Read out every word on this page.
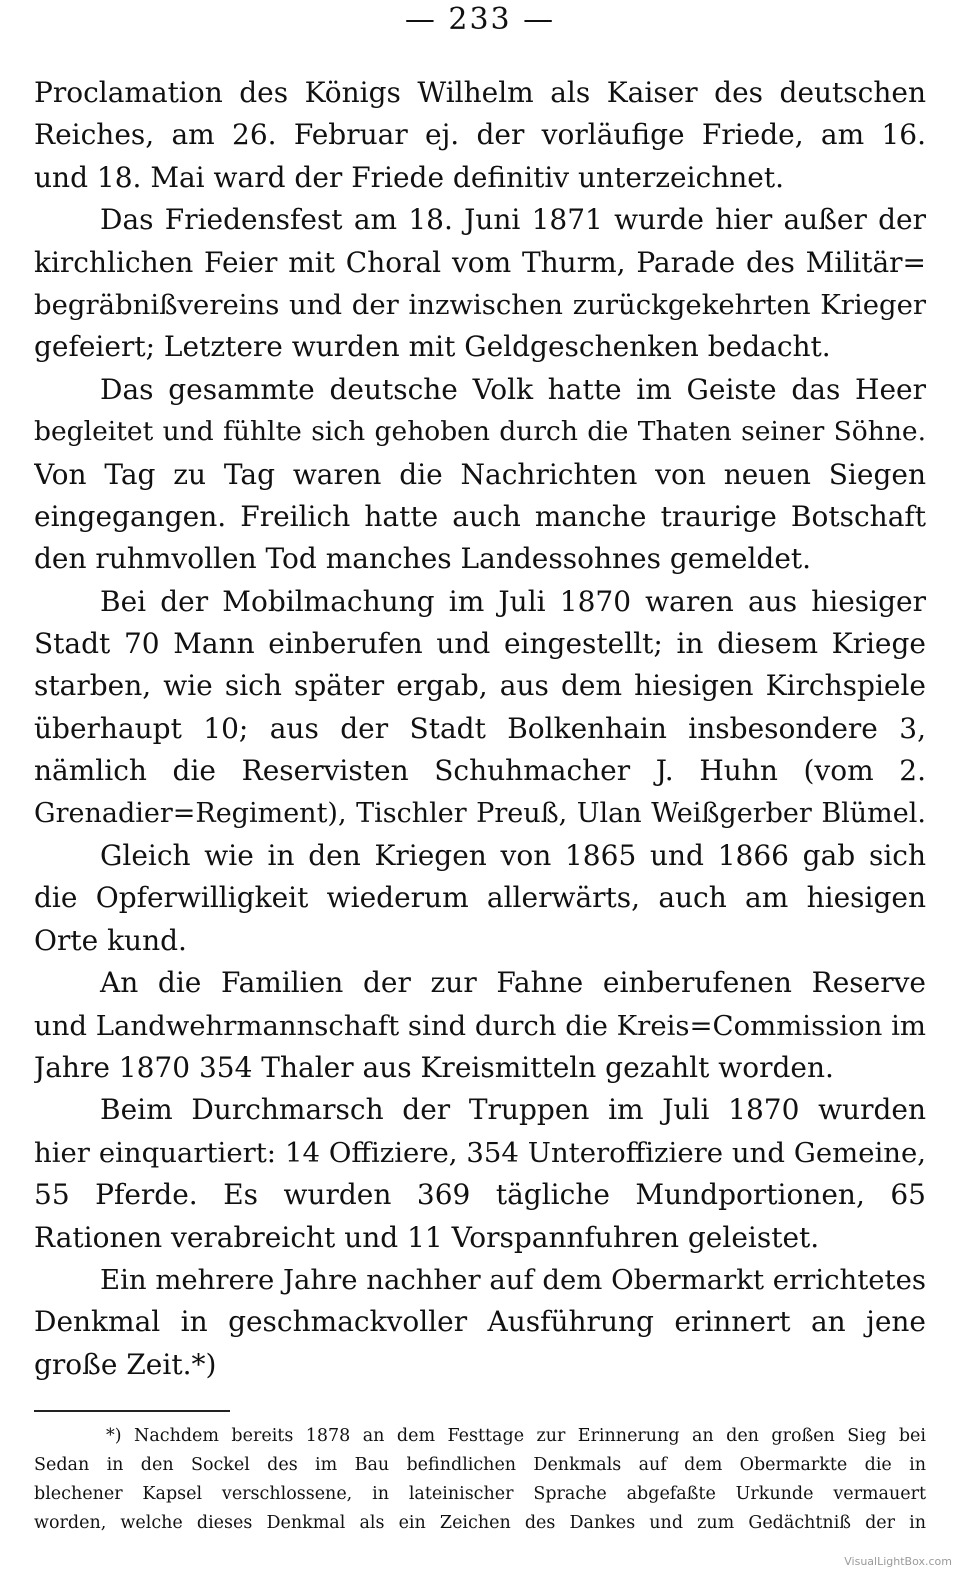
— 233 —
Proclamation des Königs Wilhelm als Kaiser des deutschen
Reiches, am 26. Februar ej. der vorläufige Friede, am 16.
und 18. Mai ward der Friede definitiv unterzeichnet.
Das Friedensfest am 18. Juni 1871 wurde hier außer der
kirchlichen Feier mit Choral vom Thurm, Parade des Militär=
begräbnißvereins und der inzwischen zurückgekehrten Krieger
gefeiert; Letztere wurden mit Geldgeschenken bedacht.
Das gesammte deutsche Volk hatte im Geiste das Heer
begleitet und fühlte sich gehoben durch die Thaten seiner Söhne.
Von Tag zu Tag waren die Nachrichten von neuen Siegen
eingegangen. Freilich hatte auch manche traurige Botschaft
den ruhmvollen Tod manches Landessohnes gemeldet.
Bei der Mobilmachung im Juli 1870 waren aus hiesiger
Stadt 70 Mann einberufen und eingestellt; in diesem Kriege
starben, wie sich später ergab, aus dem hiesigen Kirchspiele
überhaupt 10; aus der Stadt Bolkenhain insbesondere 3,
nämlich die Reservisten Schuhmacher J. Huhn (vom 2.
Grenadier=Regiment), Tischler Preuß, Ulan Weißgerber Blümel.
Gleich wie in den Kriegen von 1865 und 1866 gab sich
die Opferwilligkeit wiederum allerwärts, auch am hiesigen
Orte kund.
An die Familien der zur Fahne einberufenen Reserve
und Landwehrmannschaft sind durch die Kreis=Commission im
Jahre 1870 354 Thaler aus Kreismitteln gezahlt worden.
Beim Durchmarsch der Truppen im Juli 1870 wurden
hier einquartiert: 14 Offiziere, 354 Unteroffiziere und Gemeine,
55 Pferde. Es wurden 369 tägliche Mundportionen, 65
Rationen verabreicht und 11 Vorspannfuhren geleistet.
Ein mehrere Jahre nachher auf dem Obermarkt errichtetes
Denkmal in geschmackvoller Ausführung erinnert an jene
große Zeit.*)
*) Nachdem bereits 1878 an dem Festtage zur Erinnerung an den großen Sieg bei
Sedan in den Sockel des im Bau befindlichen Denkmals auf dem Obermarkte die in
blechener Kapsel verschlossene, in lateinischer Sprache abgefaßte Urkunde vermauert
worden, welche dieses Denkmal als ein Zeichen des Dankes und zum Gedächtniß der in
VisualLightBox.com
